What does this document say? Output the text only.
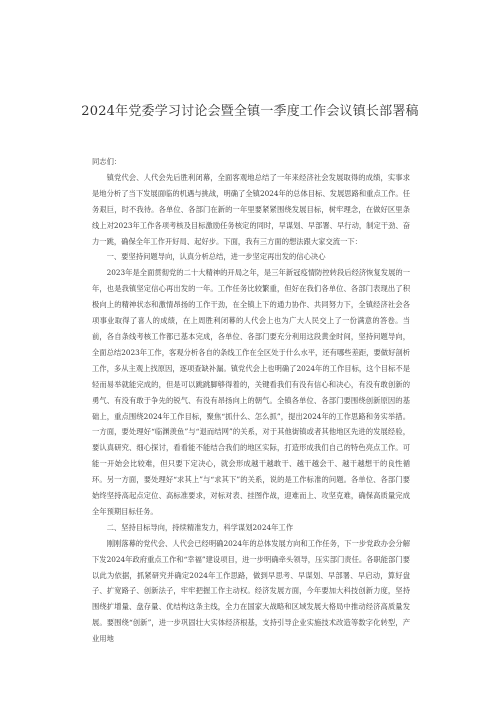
2024年党委学习讨论会暨全镇一季度工作会议镇长部署稿

同志们：

镇党代会、人代会先后胜利闭幕，全面客观地总结了一年来经济社会发展取得的成绩，实事求是地分析了当下发展面临的机遇与挑战，明确了全镇2024年的总体目标、发展思路和重点工作。任务艰巨，时不我待。各单位、各部门在新的一年里要紧紧围绕发展目标，树牢理念，在做好区里条线上对2023年工作各项考核及目标激励任务核定的同时，早谋划、早部署、早行动，制定干劲、奋力一跳，确保全年工作开好局、起好步。下面，我有三方面的想法跟大家交流一下：

一、要坚持问题导向，认真分析总结，进一步坚定再出发的信心决心

2023年是全面贯彻党的二十大精神的开局之年，是三年新冠疫情防控转段后经济恢复发展的一年，也是我镇坚定信心再出发的一年。工作任务比较繁重，但好在我们各单位、各部门表现出了积极向上的精神状态和激情昂扬的工作干劲，在全镇上下的通力协作、共同努力下，全镇经济社会各项事业取得了喜人的成绩，在上周胜利闭幕的人代会上也为广大人民交上了一份满意的答卷。当前，各自条线考核工作都已基本完成，各单位、各部门要充分利用这段黄金时间，坚持问题导向，全面总结2023年工作，客观分析各自的条线工作在全区处于什么水平，还有哪些差距，要做好剖析工作，多从主观上找原因，逐项查缺补漏。镇党代会上也明确了2024年的工作目标，这个目标不是轻而易举就能完成的，但是可以跳跳脚够得着的，关键看我们有没有信心和决心，有没有敢创新的勇气、有没有敢于争先的锐气、有没有昂扬向上的朝气。全镇各单位、各部门要围绕创新原因的基础上，重点围绕2024年工作目标，聚焦“抓什么、怎么抓”，提出2024年的工作思路和务实举措。一方面，要处理好“临渊羡鱼”与“退而结网”的关系，对于其他街镇或者其他地区先进的发展经验，要认真研究、细心探讨，看看能不能结合我们的地区实际，打造形成我们自己的特色亮点工作。可能一开始会比较难，但只要下定决心，就会形成越干越敢干、越干越会干、越干越想干的良性循环。另一方面，要处理好“求其上”与“求其下”的关系，说的是工作标准的问题。各单位、各部门要始终坚持高起点定位、高标准要求，对标对表、挂图作战，迎难而上、攻坚克难，确保高质量完成全年预期目标任务。

二、坚持目标导向，持续精准发力，科学谋划2024年工作

刚刚落幕的党代会、人代会已经明确2024年的总体发展方向和工作任务，下一步党政办会分解下发2024年政府重点工作和“幸福”建设项目，进一步明确牵头领导，压实部门责任。各职能部门要以此为依据，抓紧研究并确定2024年工作思路，做到早思考、早谋划、早部署、早启动，算好盘子、扩宽路子、创新法子，牢牢把握工作主动权。经济发展方面，今年要加大科技创新力度，坚持围绕扩增量、盘存量、优结构这条主线，全力在国家大战略和区域发展大格局中推动经济高质量发展。要围绕“创新”，进一步巩固壮大实体经济根基，支持引导企业实施技术改造等数字化转型，产业用地
